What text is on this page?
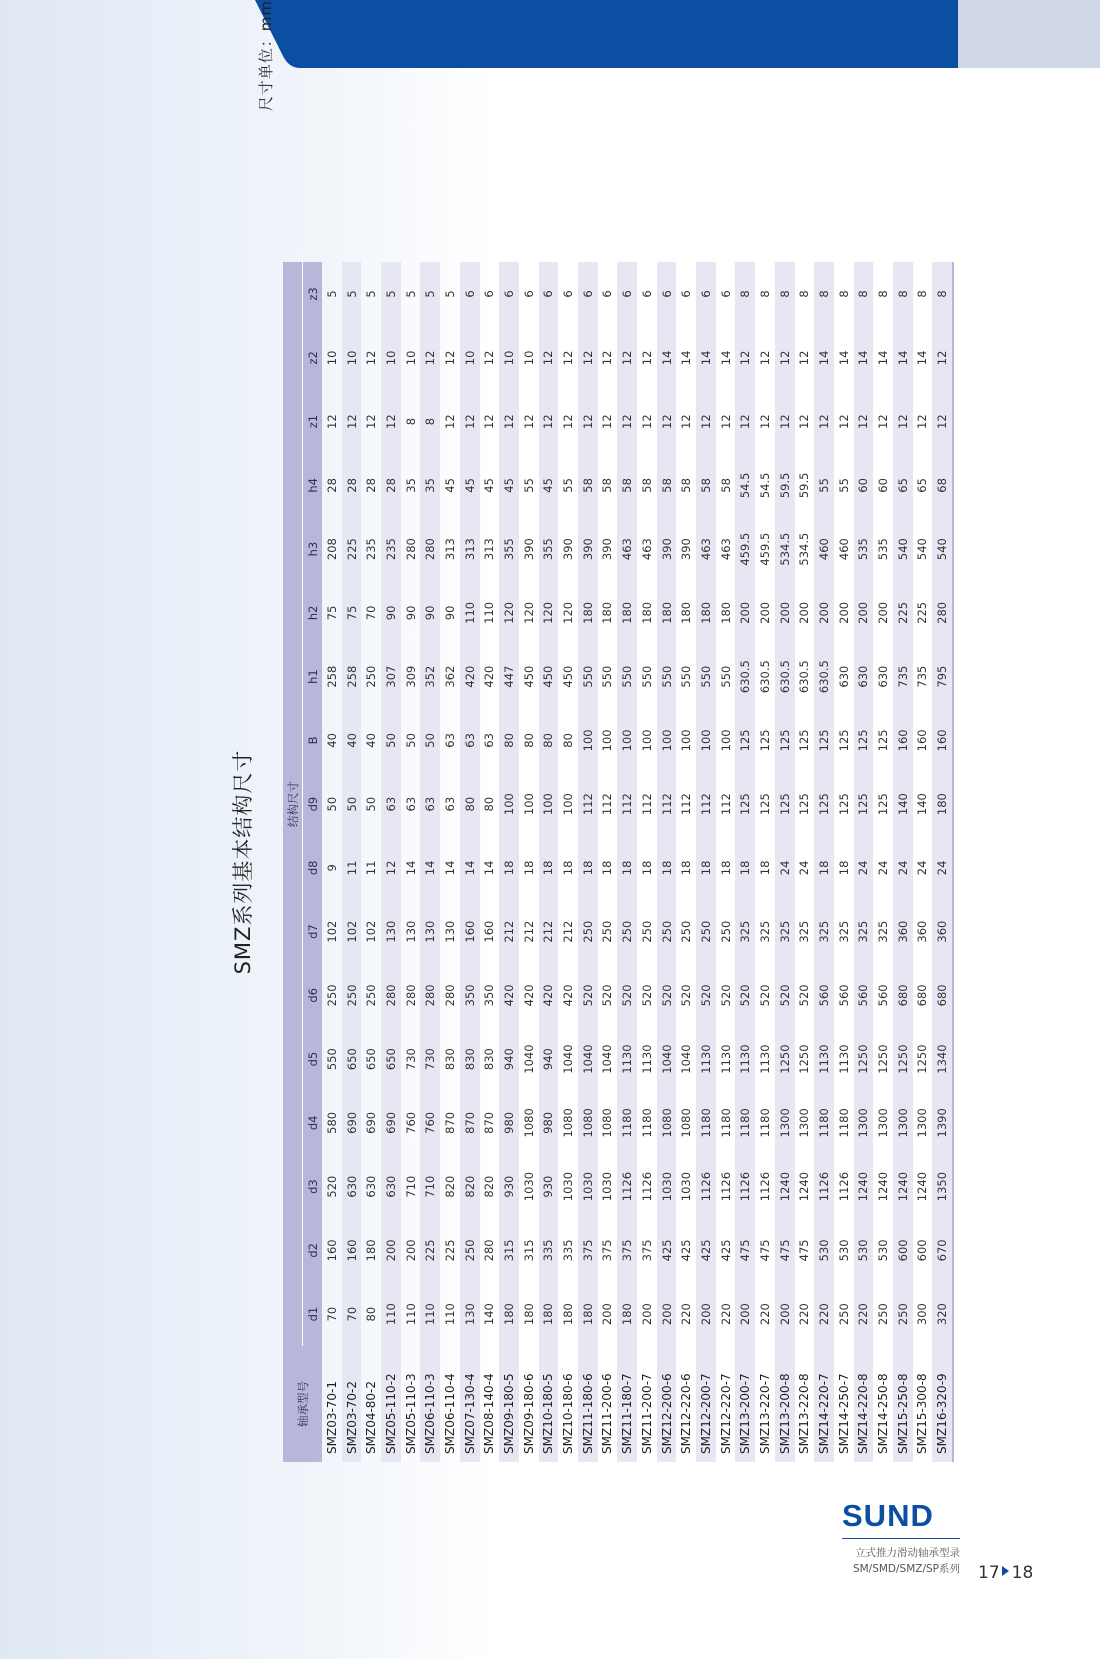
尺寸单位：mm
SMZ系列基本结构尺寸
轴承型号	结构尺寸																
	d1	d2	d3	d4	d5	d6	d7	d8	d9	B	h1	h2	h3	h4	z1	z2	z3
SMZ03-70-1	70	160	520	580	550	250	102	9	50	40	258	75	208	28	12	10	5
SMZ03-70-2	70	160	630	690	650	250	102	11	50	40	258	75	225	28	12	10	5
SMZ04-80-2	80	180	630	690	650	250	102	11	50	40	250	70	235	28	12	12	5
SMZ05-110-2	110	200	630	690	650	280	130	12	63	50	307	90	235	28	12	10	5
SMZ05-110-3	110	200	710	760	730	280	130	14	63	50	309	90	280	35	8	10	5
SMZ06-110-3	110	225	710	760	730	280	130	14	63	50	352	90	280	35	8	12	5
SMZ06-110-4	110	225	820	870	830	280	130	14	63	63	362	90	313	45	12	12	5
SMZ07-130-4	130	250	820	870	830	350	160	14	80	63	420	110	313	45	12	10	6
SMZ08-140-4	140	280	820	870	830	350	160	14	80	63	420	110	313	45	12	12	6
SMZ09-180-5	180	315	930	980	940	420	212	18	100	80	447	120	355	45	12	10	6
SMZ09-180-6	180	315	1030	1080	1040	420	212	18	100	80	450	120	390	55	12	10	6
SMZ10-180-5	180	335	930	980	940	420	212	18	100	80	450	120	355	45	12	12	6
SMZ10-180-6	180	335	1030	1080	1040	420	212	18	100	80	450	120	390	55	12	12	6
SMZ11-180-6	180	375	1030	1080	1040	520	250	18	112	100	550	180	390	58	12	12	6
SMZ11-200-6	200	375	1030	1080	1040	520	250	18	112	100	550	180	390	58	12	12	6
SMZ11-180-7	180	375	1126	1180	1130	520	250	18	112	100	550	180	463	58	12	12	6
SMZ11-200-7	200	375	1126	1180	1130	520	250	18	112	100	550	180	463	58	12	12	6
SMZ12-200-6	200	425	1030	1080	1040	520	250	18	112	100	550	180	390	58	12	14	6
SMZ12-220-6	220	425	1030	1080	1040	520	250	18	112	100	550	180	390	58	12	14	6
SMZ12-200-7	200	425	1126	1180	1130	520	250	18	112	100	550	180	463	58	12	14	6
SMZ12-220-7	220	425	1126	1180	1130	520	250	18	112	100	550	180	463	58	12	14	6
SMZ13-200-7	200	475	1126	1180	1130	520	325	18	125	125	630.5	200	459.5	54.5	12	12	8
SMZ13-220-7	220	475	1126	1180	1130	520	325	18	125	125	630.5	200	459.5	54.5	12	12	8
SMZ13-200-8	200	475	1240	1300	1250	520	325	24	125	125	630.5	200	534.5	59.5	12	12	8
SMZ13-220-8	220	475	1240	1300	1250	520	325	24	125	125	630.5	200	534.5	59.5	12	12	8
SMZ14-220-7	220	530	1126	1180	1130	560	325	18	125	125	630.5	200	460	55	12	14	8
SMZ14-250-7	250	530	1126	1180	1130	560	325	18	125	125	630	200	460	55	12	14	8
SMZ14-220-8	220	530	1240	1300	1250	560	325	24	125	125	630	200	535	60	12	14	8
SMZ14-250-8	250	530	1240	1300	1250	560	325	24	125	125	630	200	535	60	12	14	8
SMZ15-250-8	250	600	1240	1300	1250	680	360	24	140	160	735	225	540	65	12	14	8
SMZ15-300-8	300	600	1240	1300	1250	680	360	24	140	160	735	225	540	65	12	14	8
SMZ16-320-9	320	670	1350	1390	1340	680	360	24	180	160	795	280	540	68	12	12	8
SUND
立式推力滑动轴承型录
SM/SMD/SMZ/SP系列 17 18
